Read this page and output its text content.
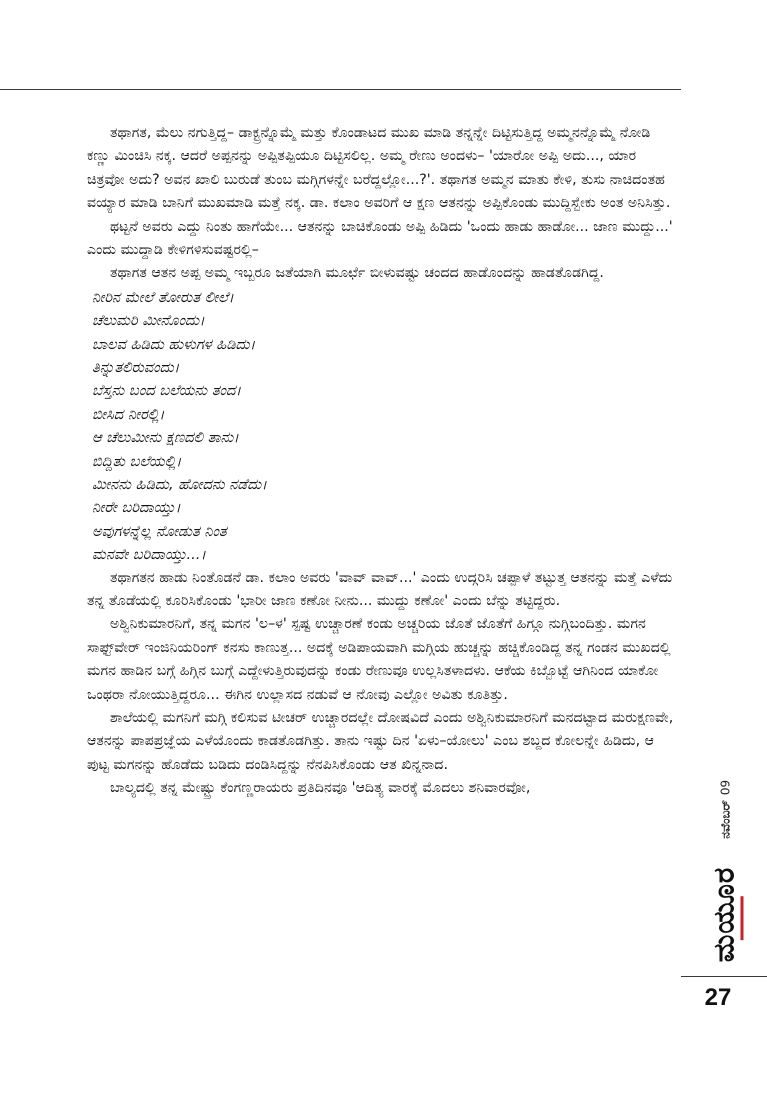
ತಥಾಗತ, ಮೆಲು ನಗುತ್ತಿದ್ದ– ಡಾಕ್ಟ್ರನ್ನೊಮ್ಮೆ ಮತ್ತು ಕೊಂಡಾಟದ ಮುಖ ಮಾಡಿ ತನ್ನನ್ನೇ ದಿಟ್ಟಿಸುತ್ತಿದ್ದ ಅಮ್ಮನನ್ನೊಮ್ಮೆ ನೋಡಿ ಕಣ್ಣು ಮಿಂಚಿಸಿ ನಕ್ಕ. ಆದರೆ ಅಪ್ಪನನ್ನು ಅಪ್ಪಿತಪ್ಪಿಯೂ ದಿಟ್ಟಿಸಲಿಲ್ಲ. ಅಮ್ಮ ರೇಣು ಅಂದಳು– 'ಯಾರೋ ಅಪ್ಪಿ ಅದು..., ಯಾರ ಚಿತ್ರವೋ ಅದು? ಅವನ ಖಾಲಿ ಬುರುಡೆ ತುಂಬ ಮಗ್ಗಿಗಳನ್ನೇ ಬರೆದ್ದಲ್ಲೋ...?'. ತಥಾಗತ ಅಮ್ಮನ ಮಾತು ಕೇಳಿ, ತುಸು ನಾಚಿದಂತಹ ವಯ್ಯಾರ ಮಾಡಿ ಬಾನಿಗೆ ಮುಖಮಾಡಿ ಮತ್ತೆ ನಕ್ಕ. ಡಾ. ಕಲಾಂ ಅವರಿಗೆ ಆ ಕ್ಷಣ ಆತನನ್ನು ಅಪ್ಪಿಕೊಂಡು ಮುದ್ದಿಸ್ಬೇಕು ಅಂತ ಅನಿಸಿತ್ತು.

ಥಟ್ಟನೆ ಅವರು ಎದ್ದು ನಿಂತು ಹಾಗೆಯೇ... ಆತನನ್ನು ಬಾಚಿಕೊಂಡು ಅಪ್ಪಿ ಹಿಡಿದು 'ಒಂದು ಹಾಡು ಹಾಡೋ... ಜಾಣ ಮುದ್ದು...' ಎಂದು ಮುದ್ದಾಡಿ ಕೇಳಿಗಳಿಸುವಷ್ಟರಲ್ಲಿ–

ತಥಾಗತ ಆತನ ಅಪ್ಪ ಅಮ್ಮ ಇಬ್ಬರೂ ಜತೆಯಾಗಿ ಮೂರ್ಛೆ ಬೀಳುವಷ್ಟು ಚಂದದ ಹಾಡೊಂದನ್ನು ಹಾಡತೊಡಗಿದ್ದ.

ನೀರಿನ ಮೇಲೆ ತೋರುತ ಲೀಲೆ।
ಚೆಲುಮರಿ ಮೀನೊಂದು।
ಬಾಲವ ಹಿಡಿದು ಹುಳುಗಳ ಹಿಡಿದು।
ತಿನ್ನುತಲಿರುವಂದು।
ಬೆಸ್ತನು ಬಂದ ಬಲೆಯನು ತಂದ।
ಬೀಸಿದ ನೀರಲ್ಲಿ।
ಆ ಚೆಲುಮೀನು ಕ್ಷಣದಲಿ ತಾನು।
ಬಿದ್ದಿತು ಬಲೆಯಲ್ಲಿ।
ಮೀನನು ಹಿಡಿದು, ಹೋದನು ನಡೆದು।
ನೀರೇ ಬರಿದಾಯ್ತು।
ಅವುಗಳನ್ನೆಲ್ಲ ನೋಡುತ ನಿಂತ
ಮನವೇ ಬರಿದಾಯ್ತು...।

ತಥಾಗತನ ಹಾಡು ನಿಂತೊಡನೆ ಡಾ. ಕಲಾಂ ಅವರು 'ವಾವ್ ವಾವ್...' ಎಂದು ಉದ್ಗರಿಸಿ ಚಪ್ಪಾಳೆ ತಟ್ಟುತ್ತ ಆತನನ್ನು ಮತ್ತೆ ಎಳೆದು ತನ್ನ ತೊಡೆಯಲ್ಲಿ ಕೂರಿಸಿಕೊಂಡು 'ಭಾರೀ ಜಾಣ ಕಣೋ ನೀನು... ಮುದ್ದು ಕಣೋ' ಎಂದು ಬೆನ್ನು ತಟ್ಟಿದ್ದರು.

ಅಶ್ವಿನಿಕುಮಾರನಿಗೆ, ತನ್ನ ಮಗನ 'ಲ–ಳ' ಸ್ಪಷ್ಟ ಉಚ್ಚಾರಣೆ ಕಂಡು ಅಚ್ಚರಿಯ ಜೊತೆ ಜೊತೆಗೆ ಹಿಗ್ಗೂ ನುಗ್ಗಿಬಂದಿತ್ತು. ಮಗನ ಸಾಫ್ಟ್‌ವೇರ್ ಇಂಜಿನಿಯರಿಂಗ್ ಕನಸು ಕಾಣುತ್ತ... ಅದಕ್ಕೆ ಅಡಿಪಾಯವಾಗಿ ಮಗ್ಗಿಯ ಹುಚ್ಚನ್ನು ಹಚ್ಚಿಕೊಂಡಿದ್ದ ತನ್ನ ಗಂಡನ ಮುಖದಲ್ಲಿ ಮಗನ ಹಾಡಿನ ಬಗ್ಗೆ ಹಿಗ್ಗಿನ ಬುಗ್ಗೆ ಎದ್ದೇಳುತ್ತಿರುವುದನ್ನು ಕಂಡು ರೇಣುವೂ ಉಲ್ಲಸಿತಳಾದಳು. ಆಕೆಯ ಕಿಬ್ಬೊಟ್ಟೆ ಆಗಿನಿಂದ ಯಾಕೋ ಒಂಥರಾ ನೋಯುತ್ತಿದ್ದರೂ... ಈಗಿನ ಉಲ್ಲಾಸದ ನಡುವೆ ಆ ನೋವು ಎಲ್ಲೋ ಅವಿತು ಕೂತಿತ್ತು.

ಶಾಲೆಯಲ್ಲಿ ಮಗನಿಗೆ ಮಗ್ಗಿ ಕಲಿಸುವ ಟೀಚರ್ ಉಚ್ಚಾರದಲ್ಲೇ ದೋಷವಿದೆ ಎಂದು ಅಶ್ವಿನಿಕುಮಾರನಿಗೆ ಮನದಟ್ಟಾದ ಮರುಕ್ಷಣವೇ, ಆತನನ್ನು ಪಾಪಪ್ರಜ್ಞೆಯ ಎಳೆಯೊಂದು ಕಾಡತೊಡಗಿತ್ತು. ತಾನು ಇಷ್ಟು ದಿನ 'ಏಳು–ಯೋಲು' ಎಂಬ ಶಬ್ದದ ಕೋಲನ್ನೇ ಹಿಡಿದು, ಆ ಪುಟ್ಟ ಮಗನನ್ನು ಹೊಡೆದು ಬಡಿದು ದಂಡಿಸಿದ್ದನ್ನು ನೆನಪಿಸಿಕೊಂಡು ಆತ ಖಿನ್ನನಾದ.

ಬಾಲ್ಯದಲ್ಲಿ ತನ್ನ ಮೇಷ್ಟ್ರು ಕೆಂಗಣ್ಣರಾಯರು ಪ್ರತಿದಿನವೂ 'ಆದಿತ್ಯ ವಾರಕ್ಕೆ ಮೊದಲು ಶನಿವಾರವೋ,

ಮಯೂರ
ನವೆಂಬರ್ 09
27
